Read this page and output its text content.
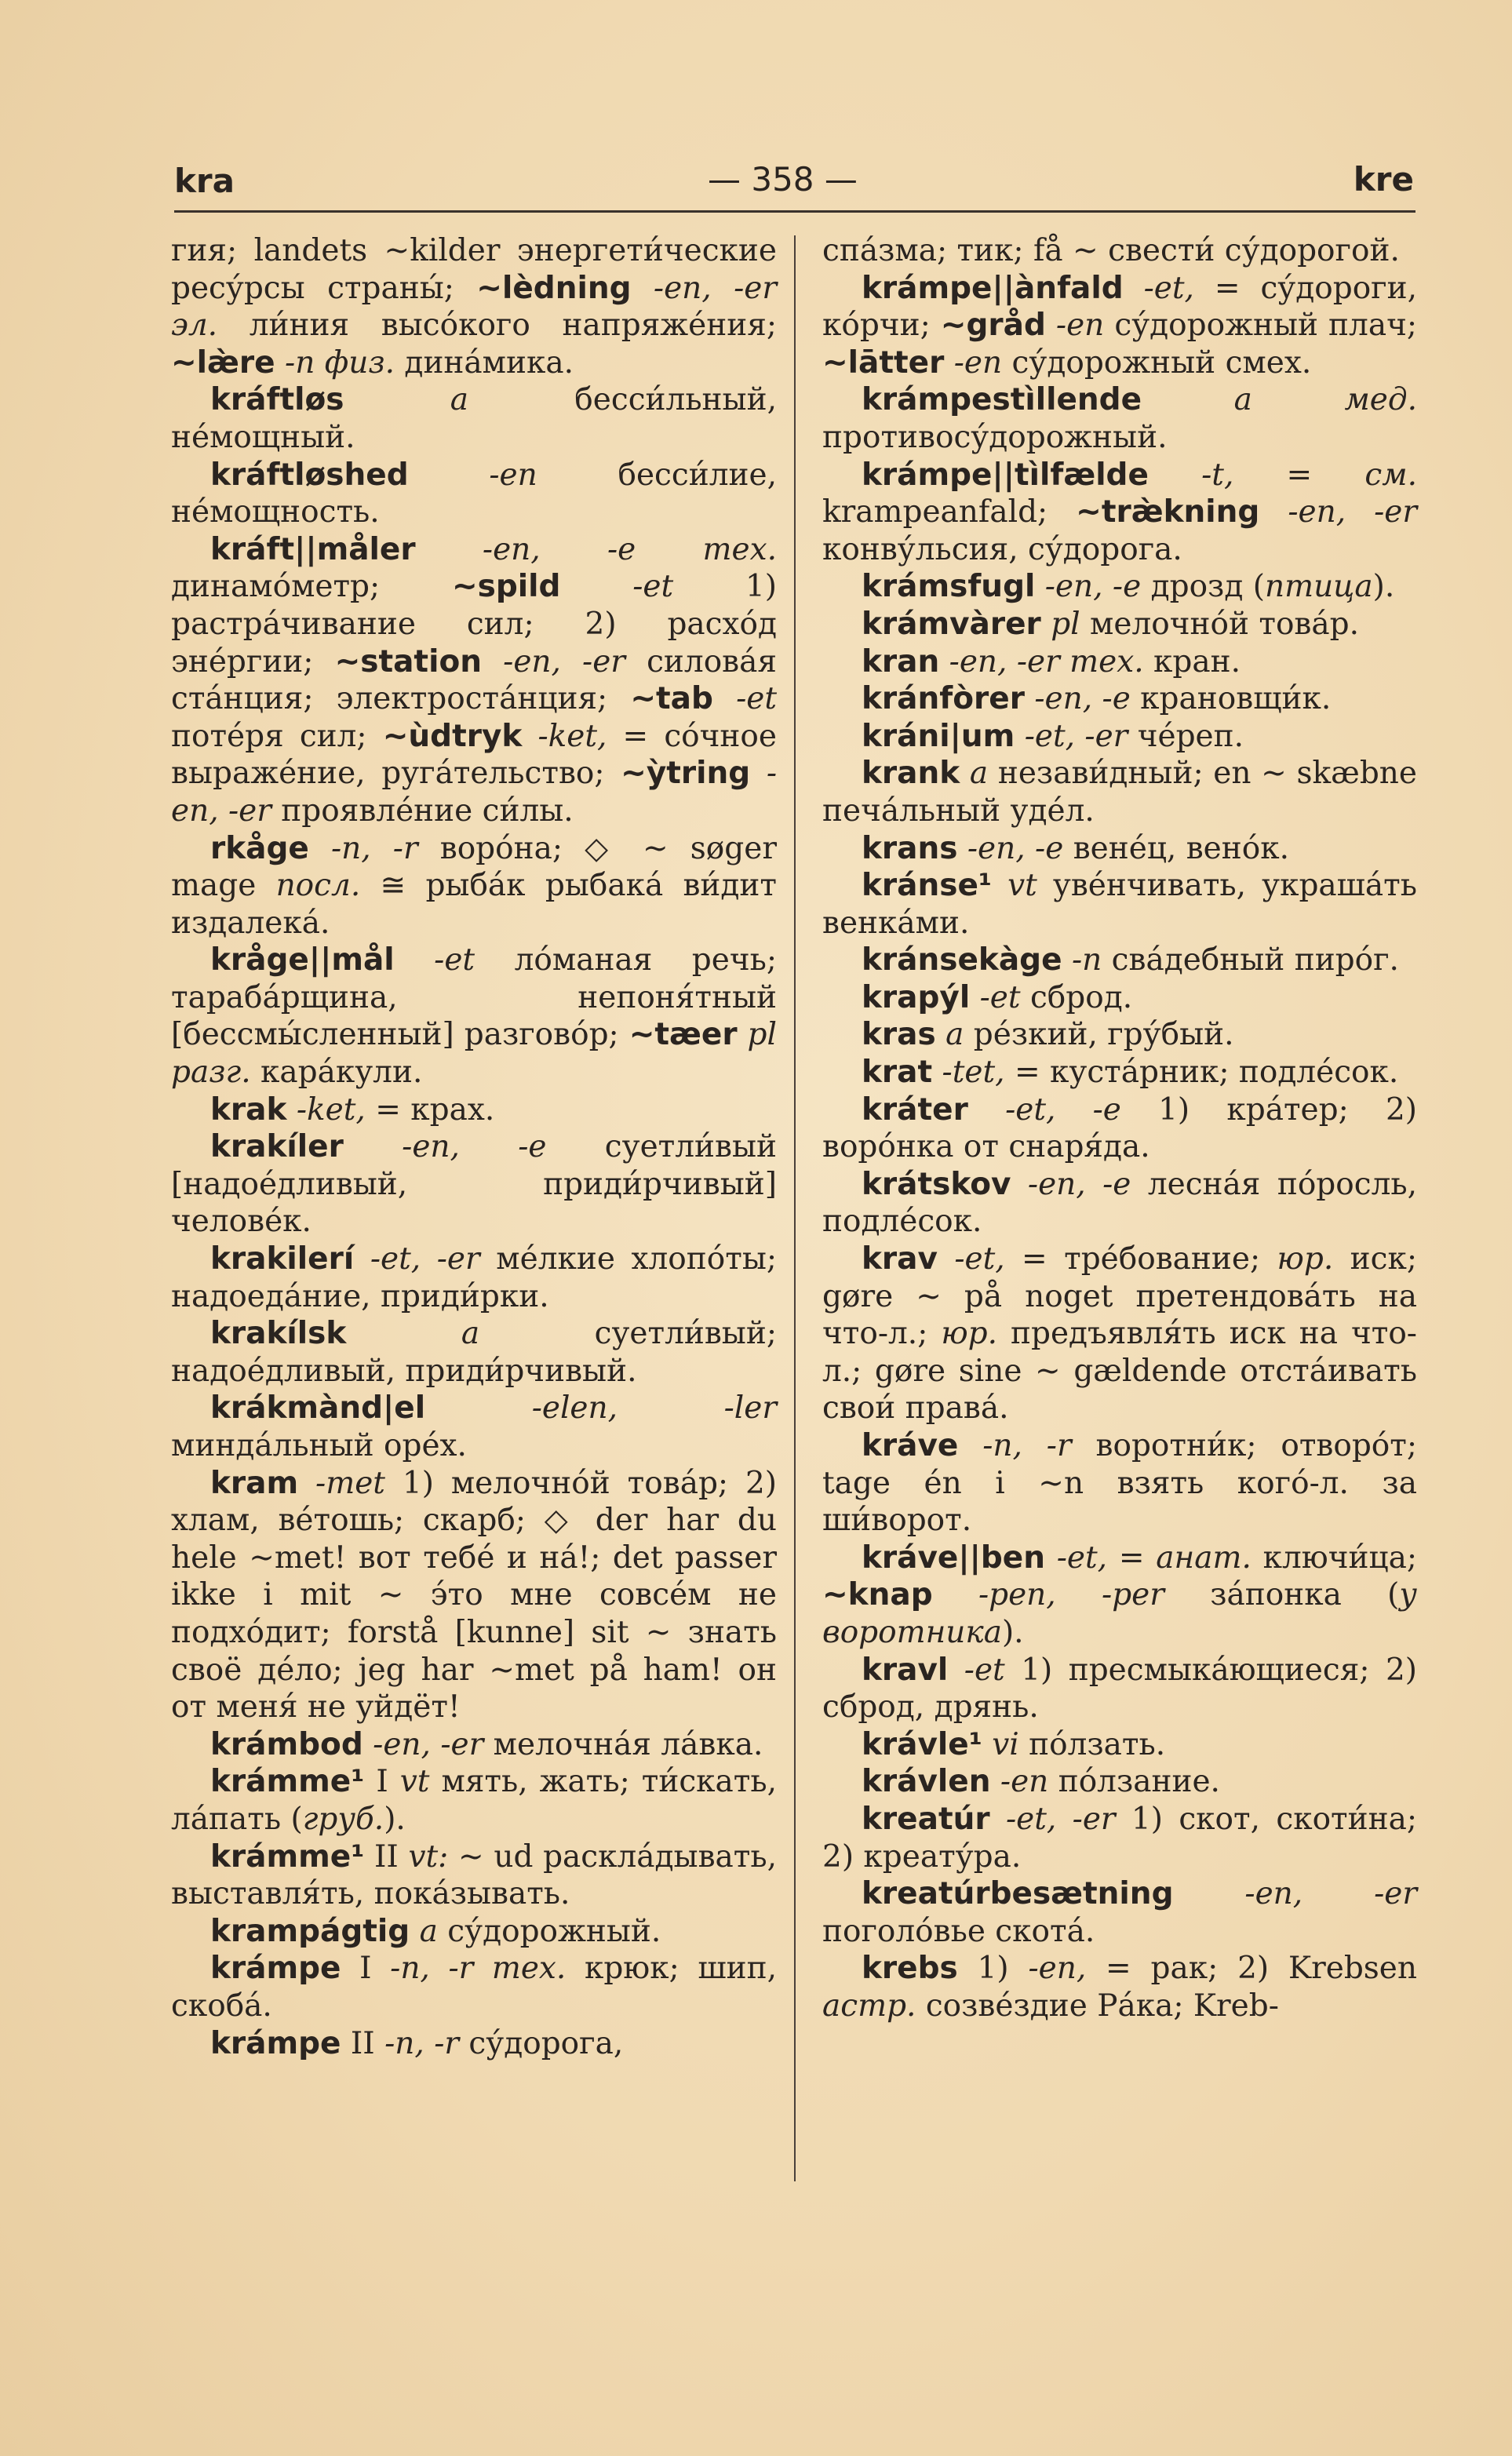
kra	— 358 —	kre

гия; landets ~kilder энергети́ческие ресу́рсы страны́; ~lèdning -en, -er эл. ли́ния высо́кого напряже́ния; ~læ̀re -n физ. дина́мика.

kráftløs	a бесси́льный, не́мощный.

kráftløshed	-en бесси́лие, не́мощность.

kráft||måler -en, -e тех. динамо́метр; ~spild -et 1) растра́чивание сил; 2) расхо́д эне́ргии; ~station -en, -er силова́я ста́нция; электроста́нция; ~tab -et поте́ря сил; ~ùdtryk -ket, = со́чное выраже́ние, руга́тельство; ~ỳtring -en, -er проявле́ние си́лы.

rkåge -n, -r воро́на; ◇ ~ søger mage посл. ≅ рыба́к рыбака́ ви́дит издалека́.

kråge||mål -et ло́маная речь; тарабáрщина, непоня́тный [бессмы́сленный] разгово́р; ~tæer pl разг. кара́кули.

krak -ket, = крах.

krakíler -en, -e суетли́вый [надое́дливый, приди́рчивый] челове́к.

krakilerí -et, -er ме́лкие хлопо́ты; надоеда́ние, приди́рки.

krakílsk	a суетли́вый; надое́дливый, приди́рчивый.

krákmànd|el	-elen, -ler минда́льный оре́х.

kram -met 1) мелочно́й това́р; 2) хлам, ве́тошь; скарб; ◇ der har du hele ~met! вот тебе́ и на́!; det passer ikke i mit ~ э́то мне совсе́м не подхо́дит; forstå [kunne] sit ~ знать своё де́ло; jeg har ~met på ham! он от меня́ не уйдёт!

krámbod -en, -er мелочна́я ла́вка.

krámme¹ I vt мять, жать; ти́скать, ла́пать (груб.).

krámme¹ II vt: ~ ud раскла́дывать, выставля́ть, пока́зывать.

krampágtig a су́дорожный.

krámpe I -n, -r тех. крюк; шип, скоба́.

krámpe II -n, -r су́дорога,

спа́зма; тик; få ~ свести́ су́дорогой.

krámpe||ànfald -et, = су́дороги, ко́рчи; ~gråd -en су́дорожный плач; ~lātter -en су́дорожный смех.

krámpestìllende	a мед. противосу́дорожный.

krámpe||tìlfælde -t, = см. krampeanfald; ~træ̀kning -en, -er конву́льсия, су́дорога.

krámsfugl -en, -e дрозд (птица).

krámvàrer pl мелочно́й това́р.

kran -en, -er тех. кран.

kránfòrer -en, -e крановщи́к.

kráni|um -et, -er че́реп.

krank a незави́дный; en ~ skæbne печа́льный уде́л.

krans -en, -e вене́ц, вено́к.

kránse¹ vt уве́нчивать, украша́ть венка́ми.

kránsekàge -n сва́дебный пиро́г.

krapýl -et сброд.

kras a ре́зкий, гру́бый.

krat -tet, = куста́рник; подле́сок.

kráter -et, -e 1) кра́тер; 2) воро́нка от снаря́да.

krátskov -en, -e лесна́я по́росль, подле́сок.

krav -et, = тре́бование; юр. иск; gøre ~ på noget претендова́ть на что-л.; юр. предъявля́ть иск на что-л.; gøre sine ~ gældende отста́ивать свои́ права́.

kráve -n, -r воротни́к; отворо́т; tage én i ~n взять кого́-л. за ши́ворот.

kráve||ben -et, = анат. ключи́ца; ~knap -pen, -per за́понка (у воротника).

kravl -et 1) пресмыка́ющиеся; 2) сброд, дрянь.

krávle¹ vi по́лзать.

krávlen -en по́лзание.

kreatúr -et, -er 1) скот, скоти́на; 2) креату́ра.

kreatúrbesætning -en, -er поголо́вье скота́.

krebs 1) -en, = рак; 2) Krebsen астр. созве́здие Ра́ка; Kreb-
